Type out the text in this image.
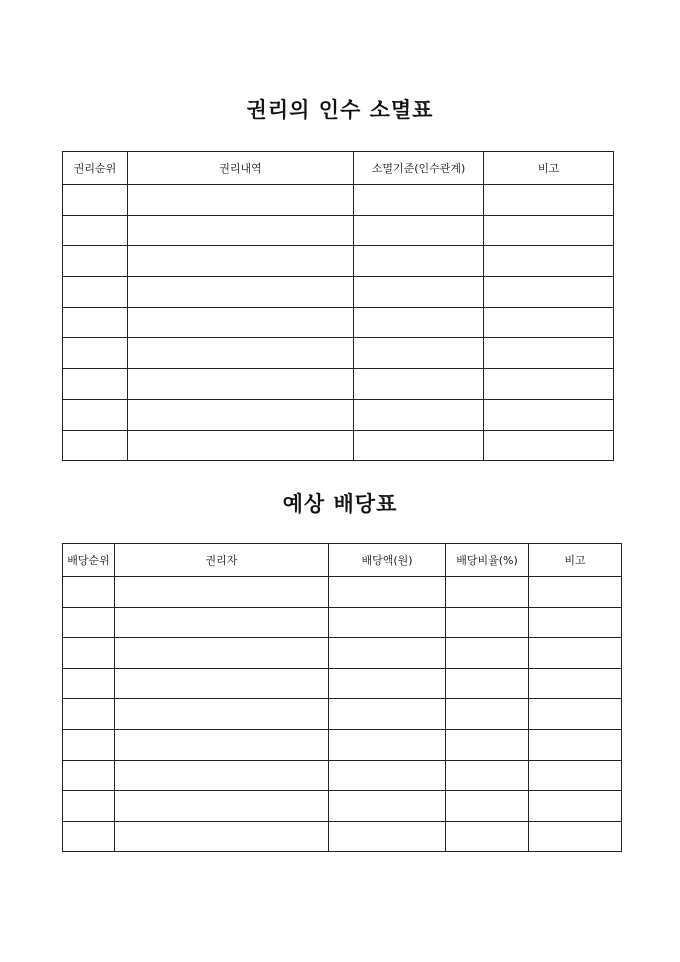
권리의 인수 소멸표
권리순위	권리내역	소멸기준(인수관계)	비고

예상 배당표
배당순위	권리자	배당액(원)	배당비율(%)	비고
